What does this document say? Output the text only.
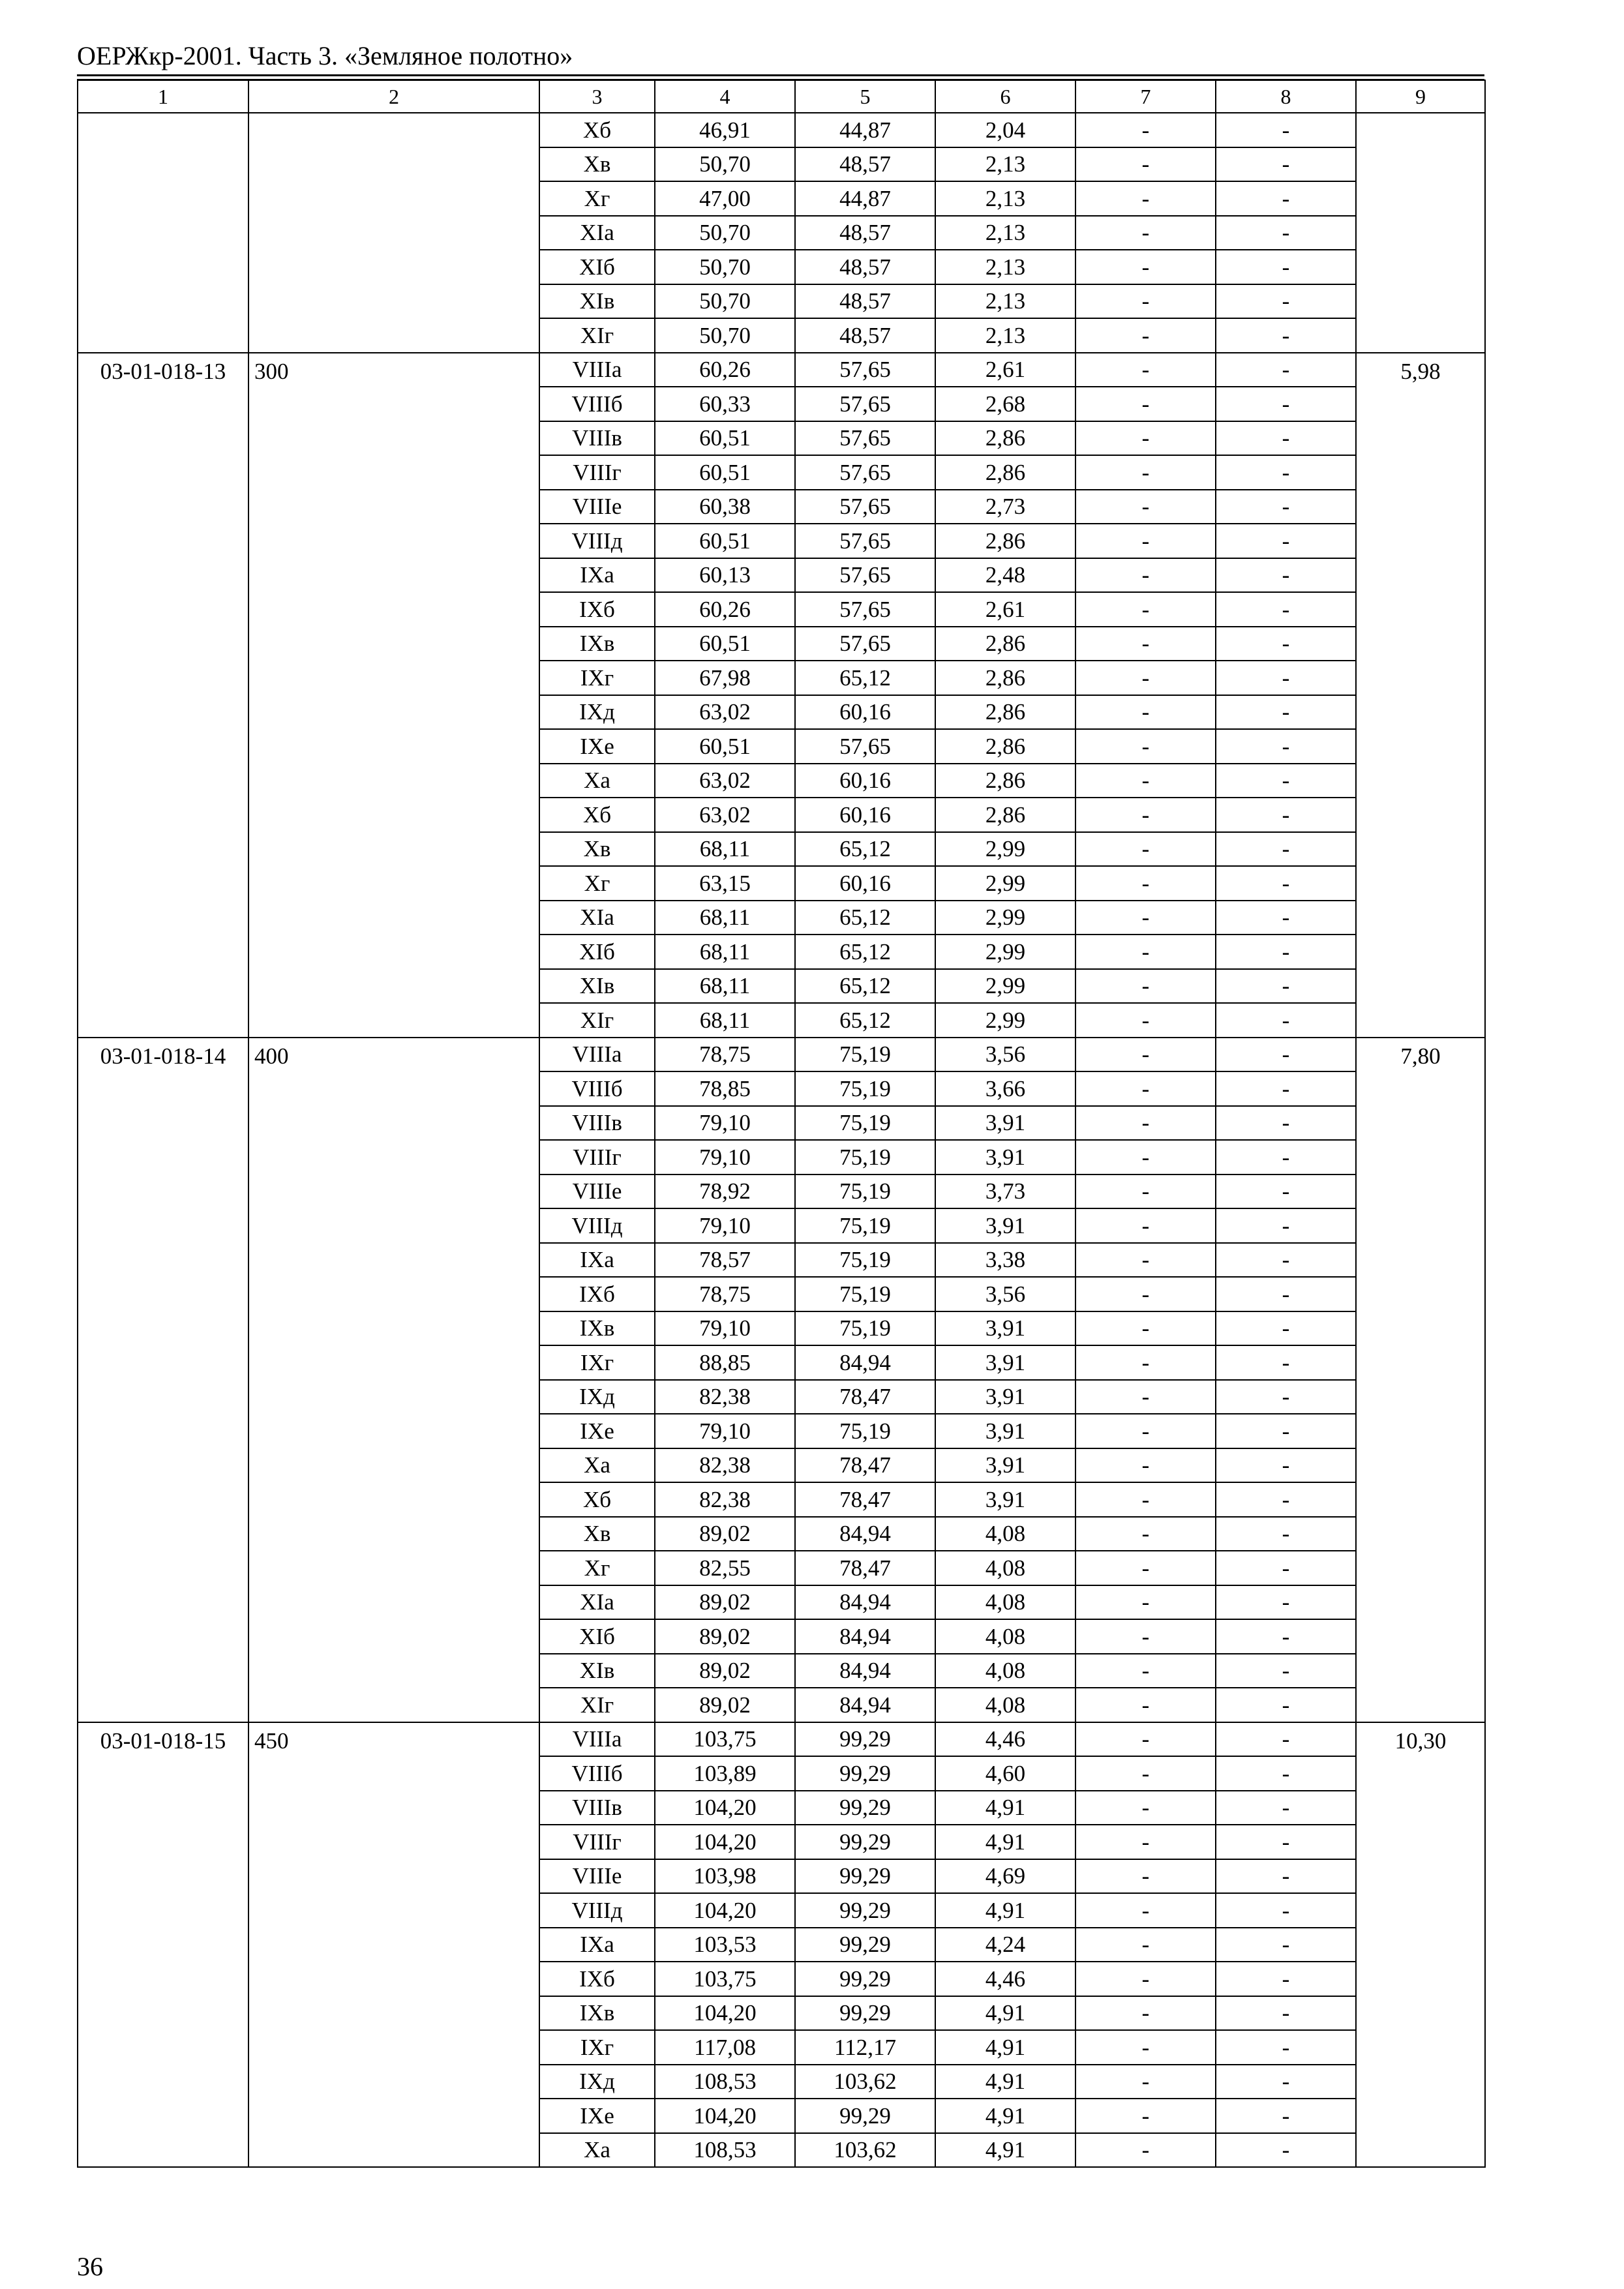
ОЕРЖкр-2001. Часть 3. «Земляное полотно»
1	2	3	4	5	6	7	8	9
		Xб	46,91	44,87	2,04	-	-	
		Xв	50,70	48,57	2,13	-	-	
		Xг	47,00	44,87	2,13	-	-	
		XIа	50,70	48,57	2,13	-	-	
		XIб	50,70	48,57	2,13	-	-	
		XIв	50,70	48,57	2,13	-	-	
		XIг	50,70	48,57	2,13	-	-	
03-01-018-13	300	VIIIа	60,26	57,65	2,61	-	-	5,98
		VIIIб	60,33	57,65	2,68	-	-	
		VIIIв	60,51	57,65	2,86	-	-	
		VIIIг	60,51	57,65	2,86	-	-	
		VIIIе	60,38	57,65	2,73	-	-	
		VIIIд	60,51	57,65	2,86	-	-	
		IXа	60,13	57,65	2,48	-	-	
		IXб	60,26	57,65	2,61	-	-	
		IXв	60,51	57,65	2,86	-	-	
		IXг	67,98	65,12	2,86	-	-	
		IXд	63,02	60,16	2,86	-	-	
		IXе	60,51	57,65	2,86	-	-	
		Xа	63,02	60,16	2,86	-	-	
		Xб	63,02	60,16	2,86	-	-	
		Xв	68,11	65,12	2,99	-	-	
		Xг	63,15	60,16	2,99	-	-	
		XIа	68,11	65,12	2,99	-	-	
		XIб	68,11	65,12	2,99	-	-	
		XIв	68,11	65,12	2,99	-	-	
		XIг	68,11	65,12	2,99	-	-	
03-01-018-14	400	VIIIа	78,75	75,19	3,56	-	-	7,80
		VIIIб	78,85	75,19	3,66	-	-	
		VIIIв	79,10	75,19	3,91	-	-	
		VIIIг	79,10	75,19	3,91	-	-	
		VIIIе	78,92	75,19	3,73	-	-	
		VIIIд	79,10	75,19	3,91	-	-	
		IXа	78,57	75,19	3,38	-	-	
		IXб	78,75	75,19	3,56	-	-	
		IXв	79,10	75,19	3,91	-	-	
		IXг	88,85	84,94	3,91	-	-	
		IXд	82,38	78,47	3,91	-	-	
		IXе	79,10	75,19	3,91	-	-	
		Xа	82,38	78,47	3,91	-	-	
		Xб	82,38	78,47	3,91	-	-	
		Xв	89,02	84,94	4,08	-	-	
		Xг	82,55	78,47	4,08	-	-	
		XIа	89,02	84,94	4,08	-	-	
		XIб	89,02	84,94	4,08	-	-	
		XIв	89,02	84,94	4,08	-	-	
		XIг	89,02	84,94	4,08	-	-	
03-01-018-15	450	VIIIа	103,75	99,29	4,46	-	-	10,30
		VIIIб	103,89	99,29	4,60	-	-	
		VIIIв	104,20	99,29	4,91	-	-	
		VIIIг	104,20	99,29	4,91	-	-	
		VIIIе	103,98	99,29	4,69	-	-	
		VIIIд	104,20	99,29	4,91	-	-	
		IXа	103,53	99,29	4,24	-	-	
		IXб	103,75	99,29	4,46	-	-	
		IXв	104,20	99,29	4,91	-	-	
		IXг	117,08	112,17	4,91	-	-	
		IXд	108,53	103,62	4,91	-	-	
		IXе	104,20	99,29	4,91	-	-	
		Xа	108,53	103,62	4,91	-	-	
36
